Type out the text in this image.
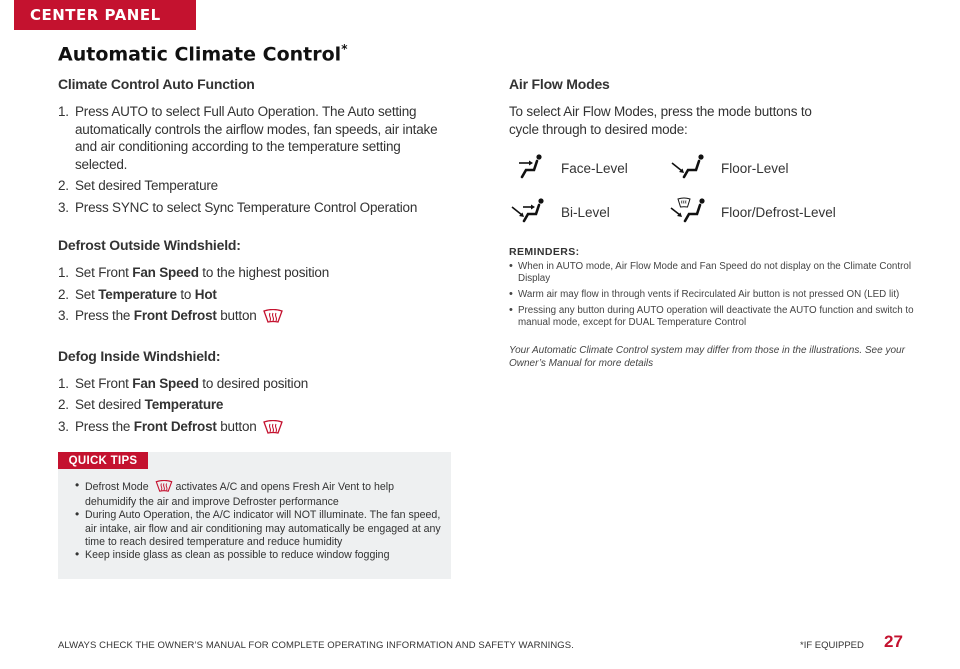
CENTER PANEL
Automatic Climate Control*
Climate Control Auto Function
1. Press AUTO to select Full Auto Operation. The Auto setting automatically controls the airflow modes, fan speeds, air intake and air conditioning according to the temperature setting selected.
2. Set desired Temperature
3. Press SYNC to select Sync Temperature Control Operation
Defrost Outside Windshield:
1. Set Front Fan Speed to the highest position
2. Set Temperature to Hot
3. Press the Front Defrost button
Defog Inside Windshield:
1. Set Front Fan Speed to desired position
2. Set desired Temperature
3. Press the Front Defrost button
QUICK TIPS
• Defrost Mode  activates A/C and opens Fresh Air Vent to help dehumidify the air and improve Defroster performance
• During Auto Operation, the A/C indicator will NOT illuminate. The fan speed, air intake, air flow and air conditioning may automatically be engaged at any time to reach desired temperature and reduce humidity
• Keep inside glass as clean as possible to reduce window fogging
Air Flow Modes

To select Air Flow Modes, press the mode buttons to cycle through to desired mode:

Face-Level	Floor-Level
Bi-Level	Floor/Defrost-Level

REMINDERS:

• When in AUTO mode, Air Flow Mode and Fan Speed do not display on the Climate Control Display
• Warm air may flow in through vents if Recirculated Air button is not pressed ON (LED lit)
• Pressing any button during AUTO operation will deactivate the AUTO function and switch to manual mode, except for DUAL Temperature Control

Your Automatic Climate Control system may differ from those in the illustrations. See your Owner’s Manual for more details

ALWAYS CHECK THE OWNER’S MANUAL FOR COMPLETE OPERATING INFORMATION AND SAFETY WARNINGS.	*IF EQUIPPED 27
